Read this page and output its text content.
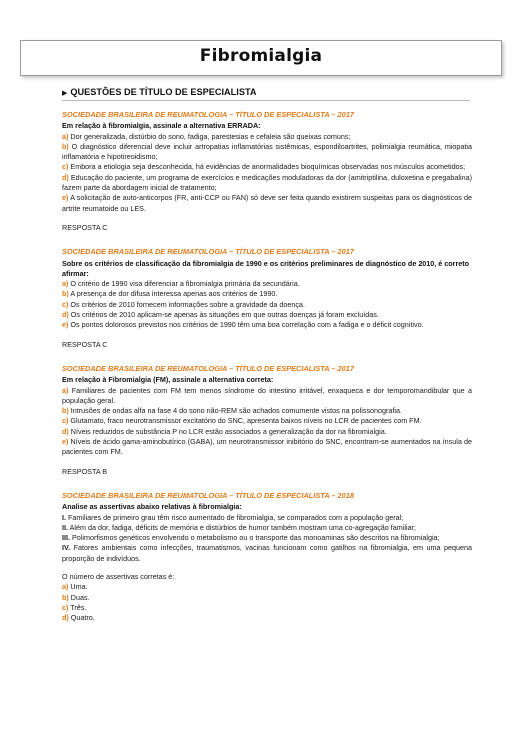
Fibromialgia
▶ QUESTÕES DE TÍTULO DE ESPECIALISTA
SOCIEDADE BRASILEIRA DE REUMATOLOGIA – TÍTULO DE ESPECIALISTA – 2017
Em relação à fibromialgia, assinale a alternativa ERRADA:
a) Dor generalizada, distúrbio do sono, fadiga, parestesias e cefaleia são queixas comuns;
b) O diagnóstico diferencial deve incluir artropatias inflamatórias sistêmicas, espondiloartrites, polimialgia reumática, miopatia inflamatória e hipotireoidismo;
c) Embora a etiologia seja desconhecida, há evidências de anormalidades bioquímicas observadas nos músculos acometidos;
d) Educação do paciente, um programa de exercícios e medicações moduladoras da dor (amitriptilina, duloxetina e pregabalina) fazem parte da abordagem inicial de tratamento;
e) A solicitação de auto-anticorpos (FR, anti-CCP ou FAN) só deve ser feita quando existirem suspeitas para os diagnósticos de artrite reumatoide ou LES.
RESPOSTA C
SOCIEDADE BRASILEIRA DE REUMATOLOGIA – TÍTULO DE ESPECIALISTA – 2017
Sobre os critérios de classificação da fibromialgia de 1990 e os critérios preliminares de diagnóstico de 2010, é correto afirmar:
a) O critério de 1990 visa diferenciar a fibromialgia primária da secundária.
b) A presença de dor difusa interessa apenas aos critérios de 1990.
c) Os critérios de 2010 fornecem informações sobre a gravidade da doença.
d) Os critérios de 2010 aplicam-se apenas às situações em que outras doenças já foram excluídas.
e) Os pontos dolorosos previstos nos critérios de 1990 têm uma boa correlação com a fadiga e o déficit cognitivo.
RESPOSTA C
SOCIEDADE BRASILEIRA DE REUMATOLOGIA – TÍTULO DE ESPECIALISTA – 2017
Em relação à Fibromialgia (FM), assinale a alternativa correta:
a) Familiares de pacientes com FM tem menos síndrome do intestino irritável, enxaqueca e dor temporomandibular que a população geral.
b) Intrusões de ondas alfa na fase 4 do sono não-REM são achados comumente vistos na polissonografia.
c) Glutamato, fraco neurotransmissor excitatório do SNC, apresenta baixos níveis no LCR de pacientes com FM.
d) Níveis reduzidos de substância P no LCR estão associados a generalização da dor na fibromialgia.
e) Níveis de ácido gama-aminobutírico (GABA), um neurotransmissor inibitório do SNC, encontram-se aumentados na ínsula de pacientes com FM.
RESPOSTA B
SOCIEDADE BRASILEIRA DE REUMATOLOGIA – TÍTULO DE ESPECIALISTA – 2018
Analise as assertivas abaixo relativas à fibromialgia:
I. Familiares de primeiro grau têm risco aumentado de fibromialgia, se comparados com a população geral;
II. Além da dor, fadiga, déficits de memória e distúrbios de humor também mostram uma co-agregação familiar;
III. Polimorfismos genéticos envolvendo o metabolismo ou o transporte das monoaminas são descritos na fibromialgia;
IV. Fatores ambientais como infecções, traumatismos, vacinas funcionam como gatilhos na fibromialgia, em uma pequena proporção de indivíduos.
O número de assertivas corretas é:
a) Uma.
b) Duas.
c) Três.
d) Quatro.
